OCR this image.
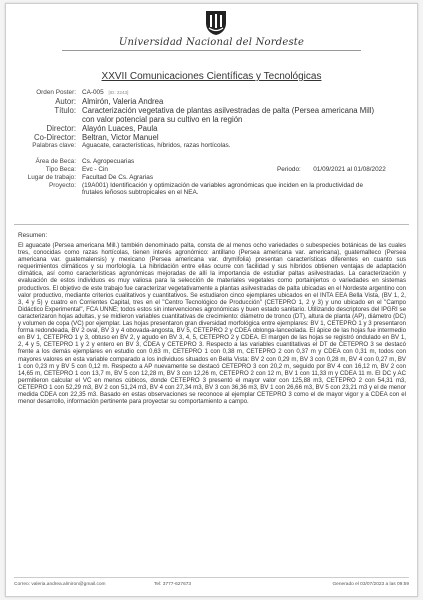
Universidad Nacional del Nordeste
XXVII Comunicaciones Científicas y Tecnológicas
Orden Poster: CA-005 [ID: 2243]
Autor: Almirón, Valeria Andrea
Título: Caracterización vegetativa de plantas asilvestradas de palta (Persea americana Mill) con valor potencial para su cultivo en la región
Director: Alayón Luaces, Paula
Co-Director: Beltran, Victor Manuel
Palabras clave: Aguacate, características, híbridos, razas hortícolas.
Área de Beca: Cs. Agropecuarias
Tipo Beca: Evc - Cin	Periodo: 01/09/2021 al 01/08/2022
Lugar de trabajo: Facultad De Cs. Agrarias
Proyecto: (19A001) Identificación y optimización de variables agronómicas que inciden en la productividad de frutales leñosos subtropicales en el NEA.
Resumen:

El aguacate (Persea americana Mill.) también denominado palta, consta de al menos ocho variedades o subespecies botánicas de las cuales tres, conocidas como razas hortícolas, tienen interés agronómico: antillano (Persea americana var. americana), guatemalteco (Persea americana var. guatemalensis) y mexicano (Persea americana var. drymifolia) presentan características diferentes en cuanto sus requerimientos climáticos y su morfología. La hibridación entre ellas ocurre con facilidad y sus híbridos obtienen ventajas de adaptación climática, así como características agronómicas mejoradas de allí la importancia de estudiar paltas asilvestradas. La caracterización y evaluación de estos individuos es muy valiosa para la selección de materiales vegetales como portainjertos o variedades en sistemas productivos. El objetivo de este trabajo fue caracterizar vegetativamente a plantas asilvestradas de palta ubicadas en el Nordeste argentino con valor productivo, mediante criterios cualitativos y cuantitativos. Se estudiaron cinco ejemplares ubicados en el INTA EEA Bella Vista, (BV 1, 2, 3, 4 y 5) y cuatro en Corrientes Capital, tres en el "Centro Tecnológico de Producción" (CETEPRO 1, 2 y 3) y uno ubicado en el "Campo Didáctico Experimental", FCA UNNE; todos estos sin intervenciones agronómicas y buen estado sanitario. Utilizando descriptores del IPGRI se caracterizaron hojas adultas, y se midieron variables cuantitativas de crecimiento: diámetro de tronco (DT), altura de planta (AP), diámetro (DC) y volumen de copa (VC) por ejemplar. Las hojas presentaron gran diversidad morfológica entre ejemplares: BV 1, CETEPRO 1 y 3 presentaron forma redondeada, BV 2 oval, BV 3 y 4 obovada-angosta, BV 5, CETEPRO 2 y CDEA oblonga-lanceolada. El ápice de las hojas fue intermedio en BV 1, CETEPRO 1 y 3, obtuso en BV 2, y agudo en BV 3, 4, 5, CETEPRO 2 y CDEA. El margen de las hojas se registró ondulado en BV 1, 2, 4 y 5, CETEPRO 1 y 2 y entero en BV 3, CDEA y CETEPRO 3. Respecto a las variables cuantitativas el DT de CETEPRO 3 se destacó frente a los demás ejemplares en estudio con 0,63 m, CETEPRO 1 con 0,38 m, CETEPRO 2 con 0,37 m y CDEA con 0,31 m, todos con mayores valores en esta variable comparado a los individuos situados en Bella Vista: BV 2 con 0,29 m, BV 3 con 0,28 m, BV 4 con 0,27 m, BV 1 con 0,23 m y BV 5 con 0,12 m. Respecto a AP nuevamente se destacó CETEPRO 3 con 20,2 m, seguido por BV 4 con 16,12 m, BV 2 con 14,65 m, CETEPRO 1 con 13,7 m, BV 5 con 12,28 m, BV 3 con 12,26 m, CETEPRO 2 con 12 m, BV 1 con 11,33 m y CDEA 11 m. El DC y AC permitieron calcular el VC en menos cúbicos, donde CETEPRO 3 presentó el mayor valor con 125,88 m3, CETEPRO 2 con 54,31 m3, CETEPRO 1 con 52,29 m3, BV 2 con 51,24 m3, BV 4 con 27,34 m3, BV 3 con 36,36 m3, BV 1 con 26,66 m3, BV 5 con 23,21 m3 y el de menor medida CDEA con 22,35 m3. Basado en estas observaciones se reconoce al ejemplar CETEPRO 3 como el de mayor vigor y a CDEA con el menor desarrollo, información pertinente para proyectar su comportamiento a campo.

Correo: valeria.andrea.almiron@gmail.com	Tel: 3777-627673	Generado el 03/07/2023 a las 09:59
